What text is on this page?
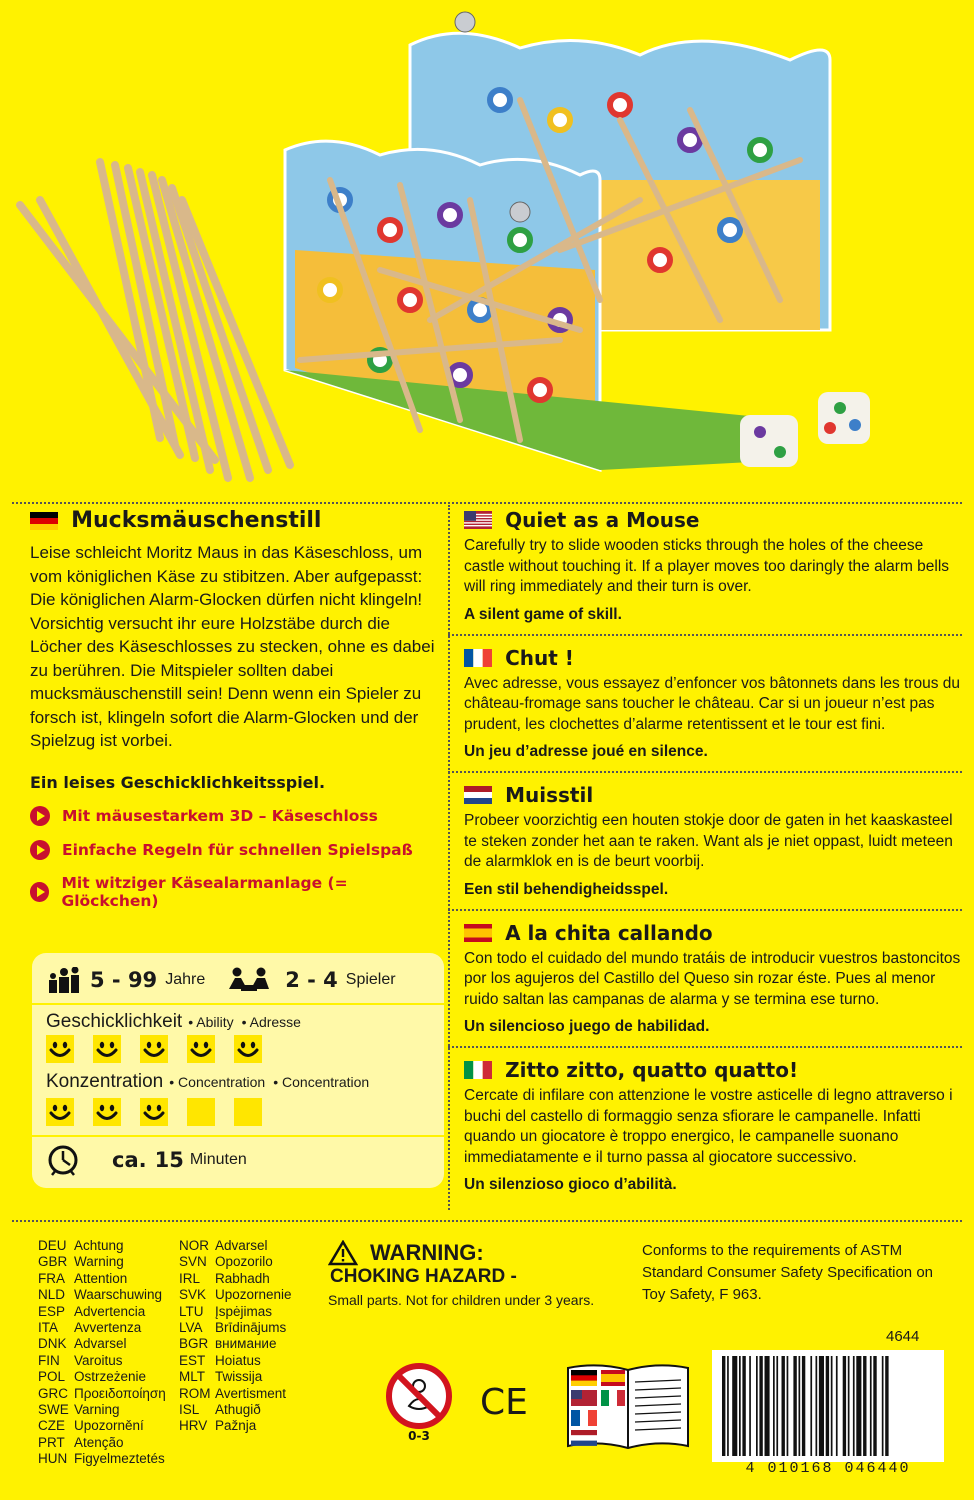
Mucksmäuschenstill

Leise schleicht Moritz Maus in das Käseschloss, um vom königlichen Käse zu stibitzen. Aber aufgepasst: Die königlichen Alarm-Glocken dürfen nicht klingeln! Vorsichtig versucht ihr eure Holzstäbe durch die Löcher des Käseschlosses zu stecken, ohne es dabei zu berühren. Die Mitspieler sollten dabei mucksmäuschenstill sein! Denn wenn ein Spieler zu forsch ist, klingeln sofort die Alarm-Glocken und der Spielzug ist vorbei.

Ein leises Geschicklichkeitsspiel.
Mit mäusestarkem 3D – Käseschloss
Einfache Regeln für schnellen Spielspaß
Mit witziger Käsealarmanlage (= Glöckchen)
5 - 99 Jahre	2 - 4 Spieler
Geschicklichkeit • Ability • Adresse
Konzentration • Concentration • Concentration
ca. 15 Minuten
Quiet as a Mouse

Carefully try to slide wooden sticks through the holes of the cheese castle without touching it. If a player moves too daringly the alarm bells will ring immediately and their turn is over.

A silent game of skill.
Chut !

Avec adresse, vous essayez d’enfoncer vos bâtonnets dans les trous du château-fromage sans toucher le château. Car si un joueur n’est pas prudent, les clochettes d’alarme retentissent et le tour est fini.

Un jeu d’adresse joué en silence.
Muisstil

Probeer voorzichtig een houten stokje door de gaten in het kaaskasteel te steken zonder het aan te raken. Want als je niet oppast, luidt meteen de alarmklok en is de beurt voorbij.

Een stil behendigheidsspel.
A la chita callando

Con todo el cuidado del mundo tratáis de introducir vuestros bastoncitos por los agujeros del Castillo del Queso sin rozar éste. Pues al menor ruido saltan las campanas de alarma y se termina ese turno.

Un silencioso juego de habilidad.
Zitto zitto, quatto quatto!

Cercate di infilare con attenzione le vostre asticelle di legno attraverso i buchi del castello di formaggio senza sfiorare le campanelle. Infatti quando un giocatore è troppo energico, le campanelle suonano immediatamente e il turno passa al giocatore successivo.

Un silenzioso gioco d’abilità.
DEU Achtung
GBR Warning
FRA Attention
NLD Waarschuwing
ESP Advertencia
ITA	Avvertenza
DNK Advarsel
FIN	Varoitus
POL Ostrzeżenie
GRC Προειδοποίηση
SWE Varning
CZE Upozornění
PRT Atenção
HUN Figyelmeztetés
NOR Advarsel
SVN Opozorilo
IRL	Rabhadh
SVK Upozornenie
LTU Įspėjimas
LVA Brīdinājums
BGR внимание
EST Hoiatus
MLT Twissija
ROM Avertisment
ISL	Athugið
HRV Pažnja
WARNING:
CHOKING HAZARD -
Small parts. Not for children under 3 years.
Conforms to the requirements of ASTM Standard Consumer Safety Specification on Toy Safety, F 963.
4644
0-3
CE
4 010168 046440
